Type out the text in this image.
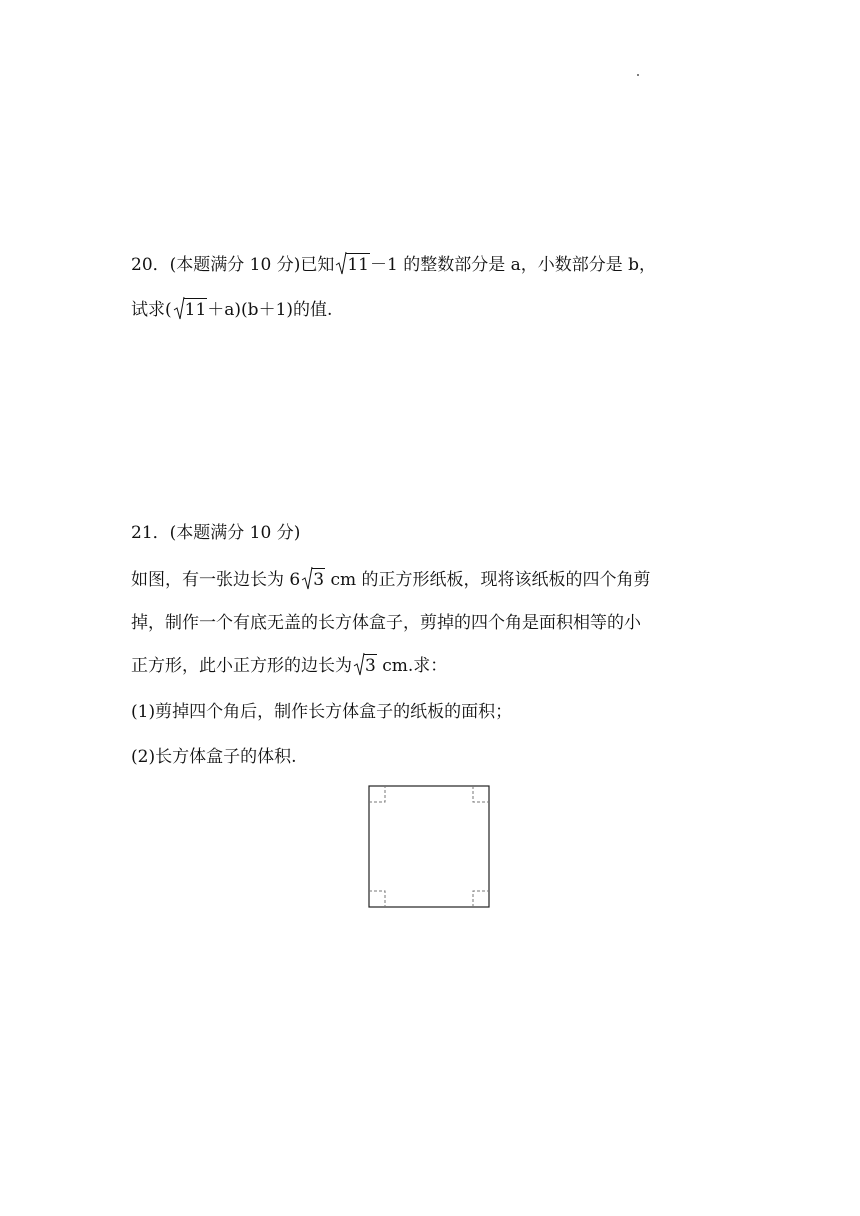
20．(本题满分 10 分)已知 11－1 的整数部分是 a，小数部分是 b，
试求( 11＋a)(b＋1)的值.
21．(本题满分 10 分)
如图，有一张边长为 6 3 cm 的正方形纸板，现将该纸板的四个角剪
掉，制作一个有底无盖的长方体盒子，剪掉的四个角是面积相等的小
正方形，此小正方形的边长为 3 cm.求：
(1)剪掉四个角后，制作长方体盒子的纸板的面积；
(2)长方体盒子的体积.
